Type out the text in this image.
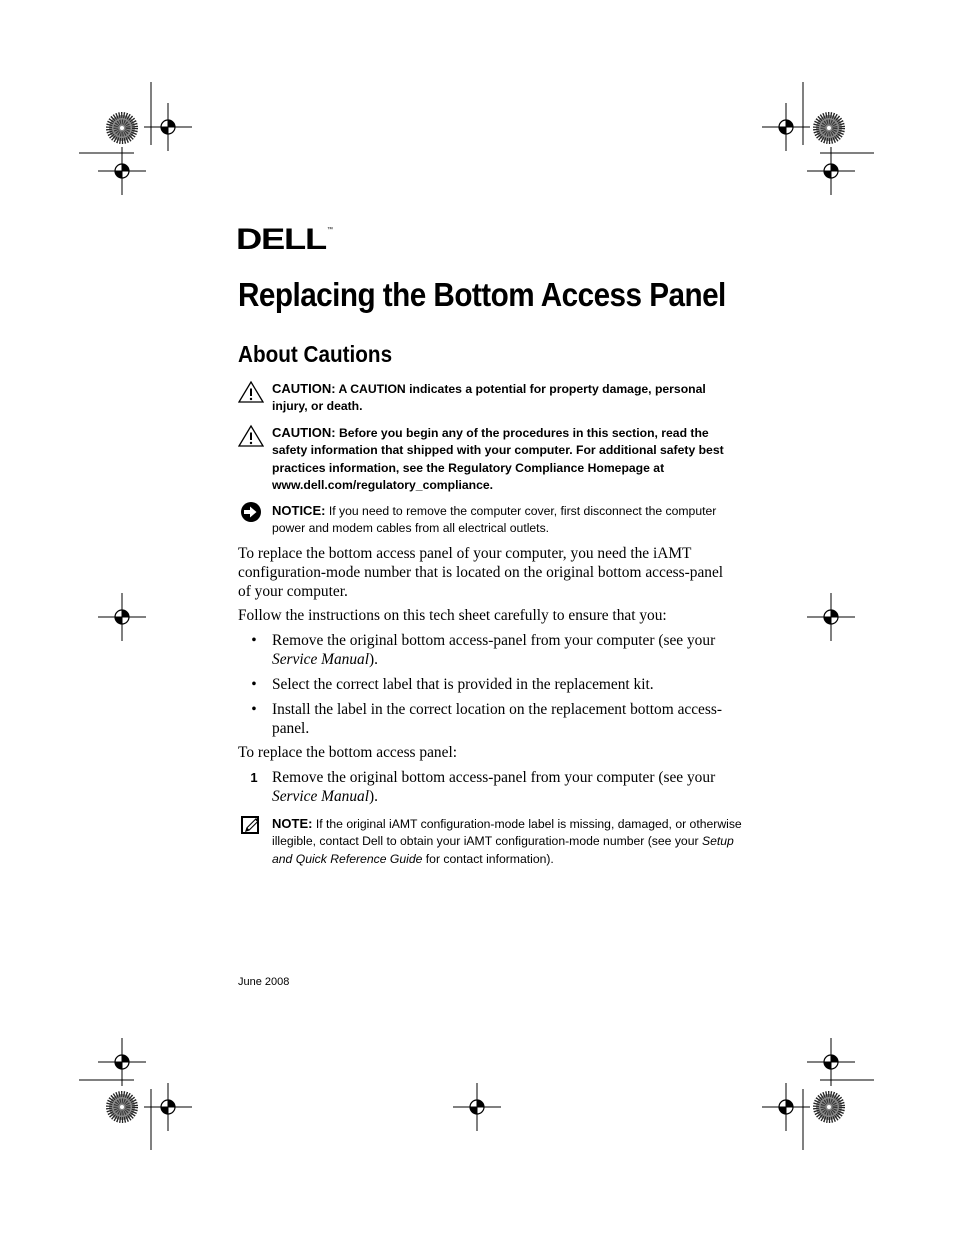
DELL ™
Replacing the Bottom Access Panel
About Cautions
CAUTION: A CAUTION indicates a potential for property damage, personal injury, or death.
CAUTION: Before you begin any of the procedures in this section, read the safety information that shipped with your computer. For additional safety best practices information, see the Regulatory Compliance Homepage at www.dell.com/regulatory_compliance.
NOTICE: If you need to remove the computer cover, first disconnect the computer power and modem cables from all electrical outlets.
To replace the bottom access panel of your computer, you need the iAMT configuration-mode number that is located on the original bottom access-panel of your computer.
Follow the instructions on this tech sheet carefully to ensure that you:
• Remove the original bottom access-panel from your computer (see your Service Manual).
• Select the correct label that is provided in the replacement kit.
• Install the label in the correct location on the replacement bottom access-panel.
To replace the bottom access panel:
1 Remove the original bottom access-panel from your computer (see your Service Manual).
NOTE: If the original iAMT configuration-mode label is missing, damaged, or otherwise illegible, contact Dell to obtain your iAMT configuration-mode number (see your Setup and Quick Reference Guide for contact information).
June 2008
